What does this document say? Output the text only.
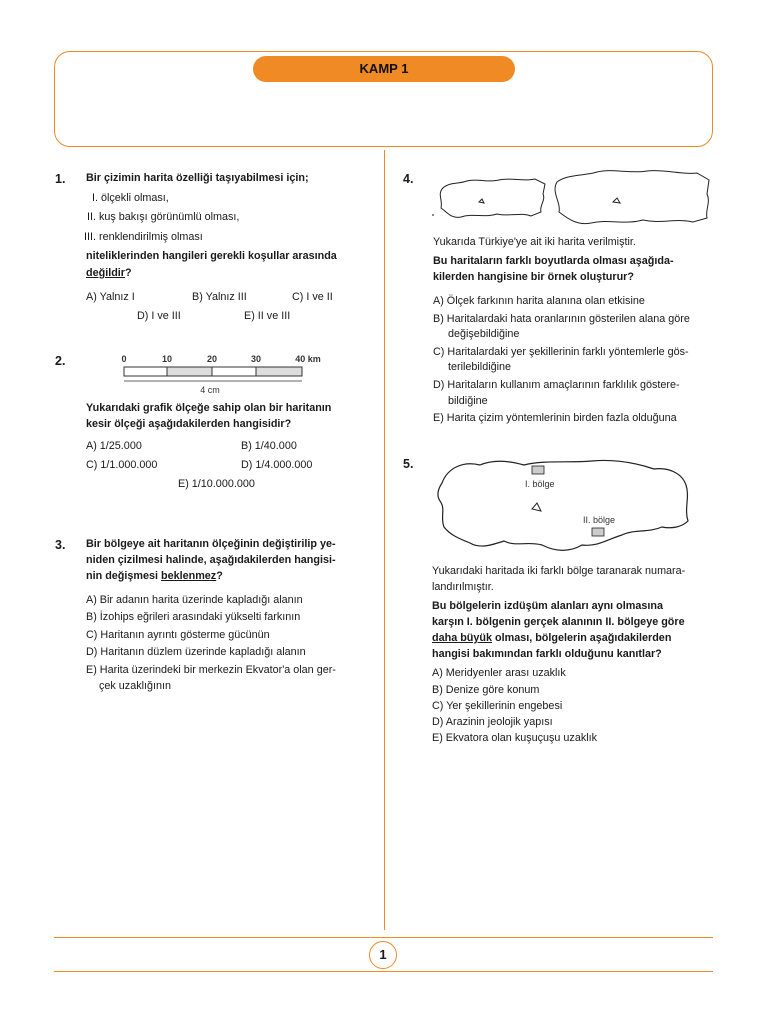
KAMP 1
1. Bir çizimin harita özelliği taşıyabilmesi için;
I. ölçekli olması,
II. kuş bakışı görünümlü olması,
III. renklendirilmiş olması
niteliklerinden hangileri gerekli koşullar arasında
değildir?
A) Yalnız I	B) Yalnız III	C) I ve II
D) I ve III	E) II ve III
2.	0	10	20	30	40 km
4 cm
Yukarıdaki grafik ölçeğe sahip olan bir haritanın
kesir ölçeği aşağıdakilerden hangisidir?
A) 1/25.000	B) 1/40.000
C) 1/1.000.000	D) 1/4.000.000
E) 1/10.000.000
3. Bir bölgeye ait haritanın ölçeğinin değiştirilip ye-
niden çizilmesi halinde, aşağıdakilerden hangisi-
nin değişmesi beklenmez?
A) Bir adanın harita üzerinde kapladığı alanın
B) İzohips eğrileri arasındaki yükselti farkının
C) Haritanın ayrıntı gösterme gücünün
D) Haritanın düzlem üzerinde kapladığı alanın
E) Harita üzerindeki bir merkezin Ekvator'a olan ger-
çek uzaklığının
4.
Yukarıda Türkiye'ye ait iki harita verilmiştir.
Bu haritaların farklı boyutlarda olması aşağıda-
kilerden hangisine bir örnek oluşturur?
A) Ölçek farkının harita alanına olan etkisine
B) Haritalardaki hata oranlarının gösterilen alana göre
değişebildiğine
C) Haritalardaki yer şekillerinin farklı yöntemlerle gös-
terilebildiğine
D) Haritaların kullanım amaçlarının farklılık göstere-
bildiğine
E) Harita çizim yöntemlerinin birden fazla olduğuna
5.
I. bölge
II. bölge
Yukarıdaki haritada iki farklı bölge taranarak numara-
landırılmıştır.
Bu bölgelerin izdüşüm alanları aynı olmasına
karşın I. bölgenin gerçek alanının II. bölgeye göre
daha büyük olması, bölgelerin aşağıdakilerden
hangisi bakımından farklı olduğunu kanıtlar?
A) Meridyenler arası uzaklık
B) Denize göre konum
C) Yer şekillerinin engebesi
D) Arazinin jeolojik yapısı
E) Ekvatora olan kuşuçuşu uzaklık
1
